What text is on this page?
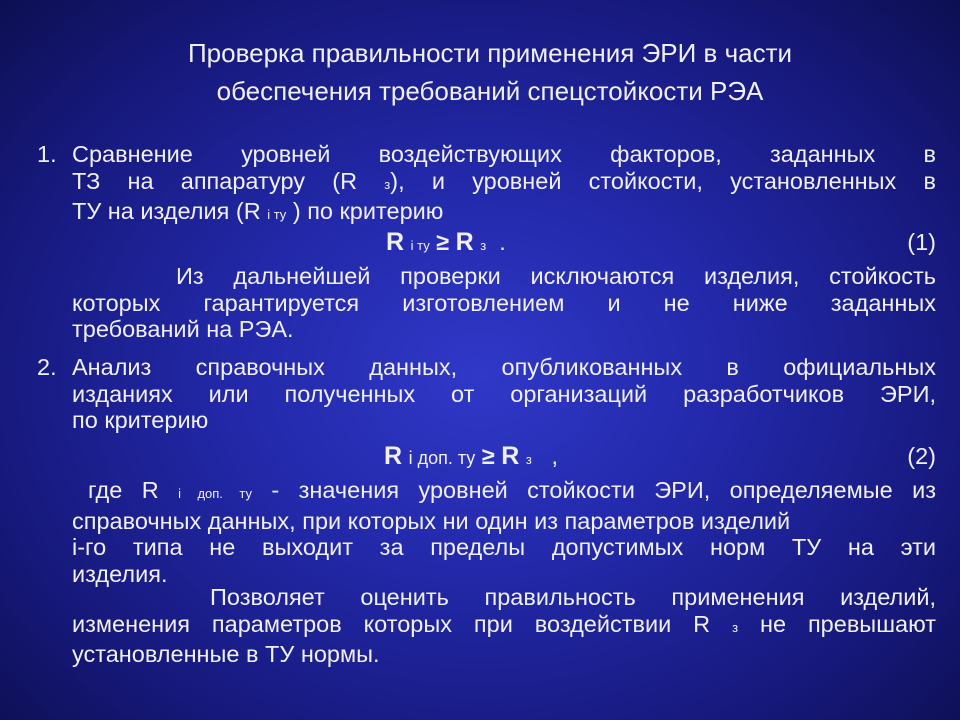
Проверка правильности применения ЭРИ в части
обеспечения требований спецстойкости РЭА
1. Сравнение уровней воздействующих факторов, заданных в
ТЗ на аппаратуру (R з), и уровней стойкости, установленных в
ТУ на изделия (R i ту ) по критерию
R i ту ≥ R з .	(1)
Из дальнейшей проверки исключаются изделия, стойкость
которых гарантируется изготовлением и не ниже заданных
требований на РЭА.
2. Анализ справочных данных, опубликованных в официальных
изданиях или полученных от организаций разработчиков ЭРИ,
по критерию
R i доп. ту ≥ R з ,	(2)
где R i доп. ту - значения уровней стойкости ЭРИ, определяемые из
справочных данных, при которых ни один из параметров изделий
i-го типа не выходит за пределы допустимых норм ТУ на эти
изделия.
Позволяет оценить правильность применения изделий,
изменения параметров которых при воздействии R з не превышают
установленные в ТУ нормы.
